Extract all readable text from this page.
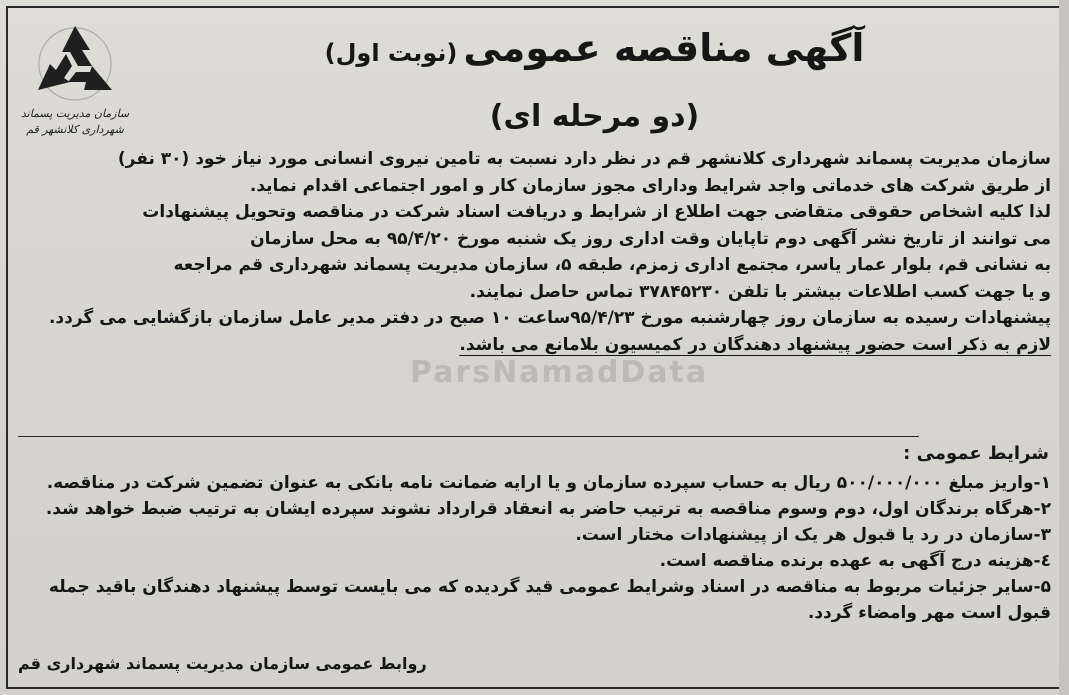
سازمان مدیریت پسماند
شهرداری کلانشهر قم
آگهی مناقصه عمومی(نوبت اول)
(دو مرحله ای)
سازمان مدیریت پسماند شهرداری کلانشهر قم در نظر دارد نسبت به تامین نیروی انسانی مورد نیاز خود (۳۰ نفر)
از طریق شرکت های خدماتی واجد شرایط ودارای مجوز سازمان کار و امور اجتماعی اقدام نماید.
لذا کلیه اشخاص حقوقی متقاضی جهت اطلاع از شرایط و دریافت اسناد شرکت در مناقصه وتحویل پیشنهادات
می توانند از تاریخ نشر آگهی دوم تاپایان وقت اداری روز یک شنبه مورخ ۹۵/۴/۲۰ به محل سازمان
به نشانی قم، بلوار عمار یاسر، مجتمع اداری زمزم، طبقه ۵، سازمان مدیریت پسماند شهرداری قم مراجعه
و یا جهت کسب اطلاعات بیشتر با تلفن ۳۷۸۴۵۲۳۰ تماس حاصل نمایند.
پیشنهادات رسیده به سازمان روز چهارشنبه مورخ ۹۵/۴/۲۳ساعت ۱۰ صبح در دفتر مدیر عامل سازمان بازگشایی می گردد.
لازم به ذکر است حضور پیشنهاد دهندگان در کمیسیون بلامانع می باشد.
ParsNamadData
شرایط عمومی :
۱-واریز مبلغ ۵۰۰/۰۰۰/۰۰۰ ریال به حساب سپرده سازمان و یا ارایه ضمانت نامه بانکی به عنوان تضمین شرکت در مناقصه.
۲-هرگاه برندگان اول، دوم وسوم مناقصه به ترتیب حاضر به انعقاد قرارداد نشوند سپرده ایشان به ترتیب ضبط خواهد شد.
۳-سازمان در رد یا قبول هر یک از پیشنهادات مختار است.
٤-هزینه درج آگهی به عهده برنده مناقصه است.
۵-سایر جزئیات مربوط به مناقصه در اسناد وشرایط عمومی قید گردیده که می بایست توسط پیشنهاد دهندگان باقید جمله
قبول است مهر وامضاء گردد.
روابط عمومی سازمان مدیریت پسماند شهرداری قم
